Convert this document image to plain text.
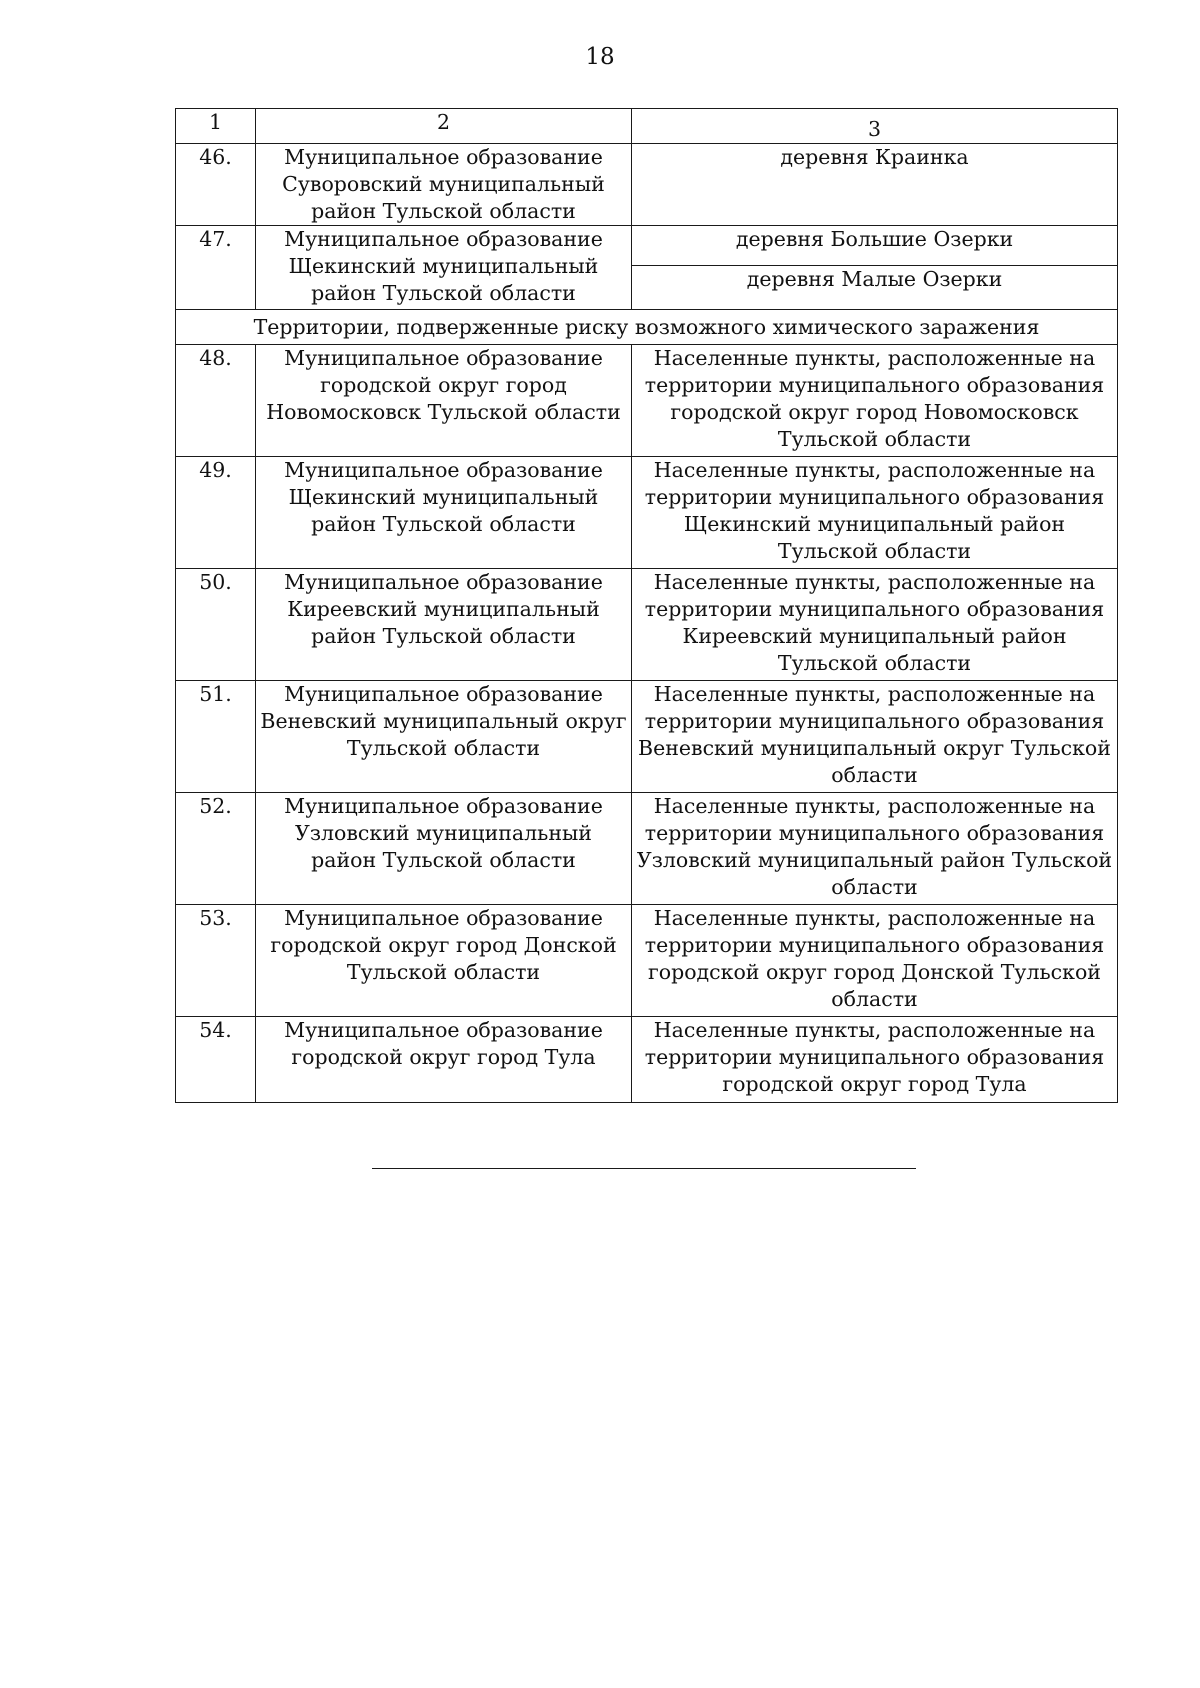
18
1	2	3
46.	Муниципальное образование Суворовский муниципальный район Тульской области	деревня Краинка

47.	Муниципальное образование Щекинский муниципальный район Тульской области	деревня Большие Озерки

		деревня Малые Озерки

Территории, подверженные риску возможного химического заражения		
48.	Муниципальное образование городской округ город Новомосковск Тульской области	Населенные пункты, расположенные на территории муниципального образования городской округ город Новомосковск Тульской области

49.	Муниципальное образование Щекинский муниципальный район Тульской области	Населенные пункты, расположенные на территории муниципального образования Щекинский муниципальный район Тульской области

50.	Муниципальное образование Киреевский муниципальный район Тульской области	Населенные пункты, расположенные на территории муниципального образования Киреевский муниципальный район Тульской области

51.	Муниципальное образование Веневский муниципальный округ Тульской области	Населенные пункты, расположенные на территории муниципального образования Веневский муниципальный округ Тульской области

52.	Муниципальное образование Узловский муниципальный район Тульской области	Населенные пункты, расположенные на территории муниципального образования Узловский муниципальный район Тульской области

53.	Муниципальное образование городской округ город Донской Тульской области	Населенные пункты, расположенные на территории муниципального образования городской округ город Донской Тульской области

54.	Муниципальное образование городской округ город Тула	Населенные пункты, расположенные на территории муниципального образования городской округ город Тула
